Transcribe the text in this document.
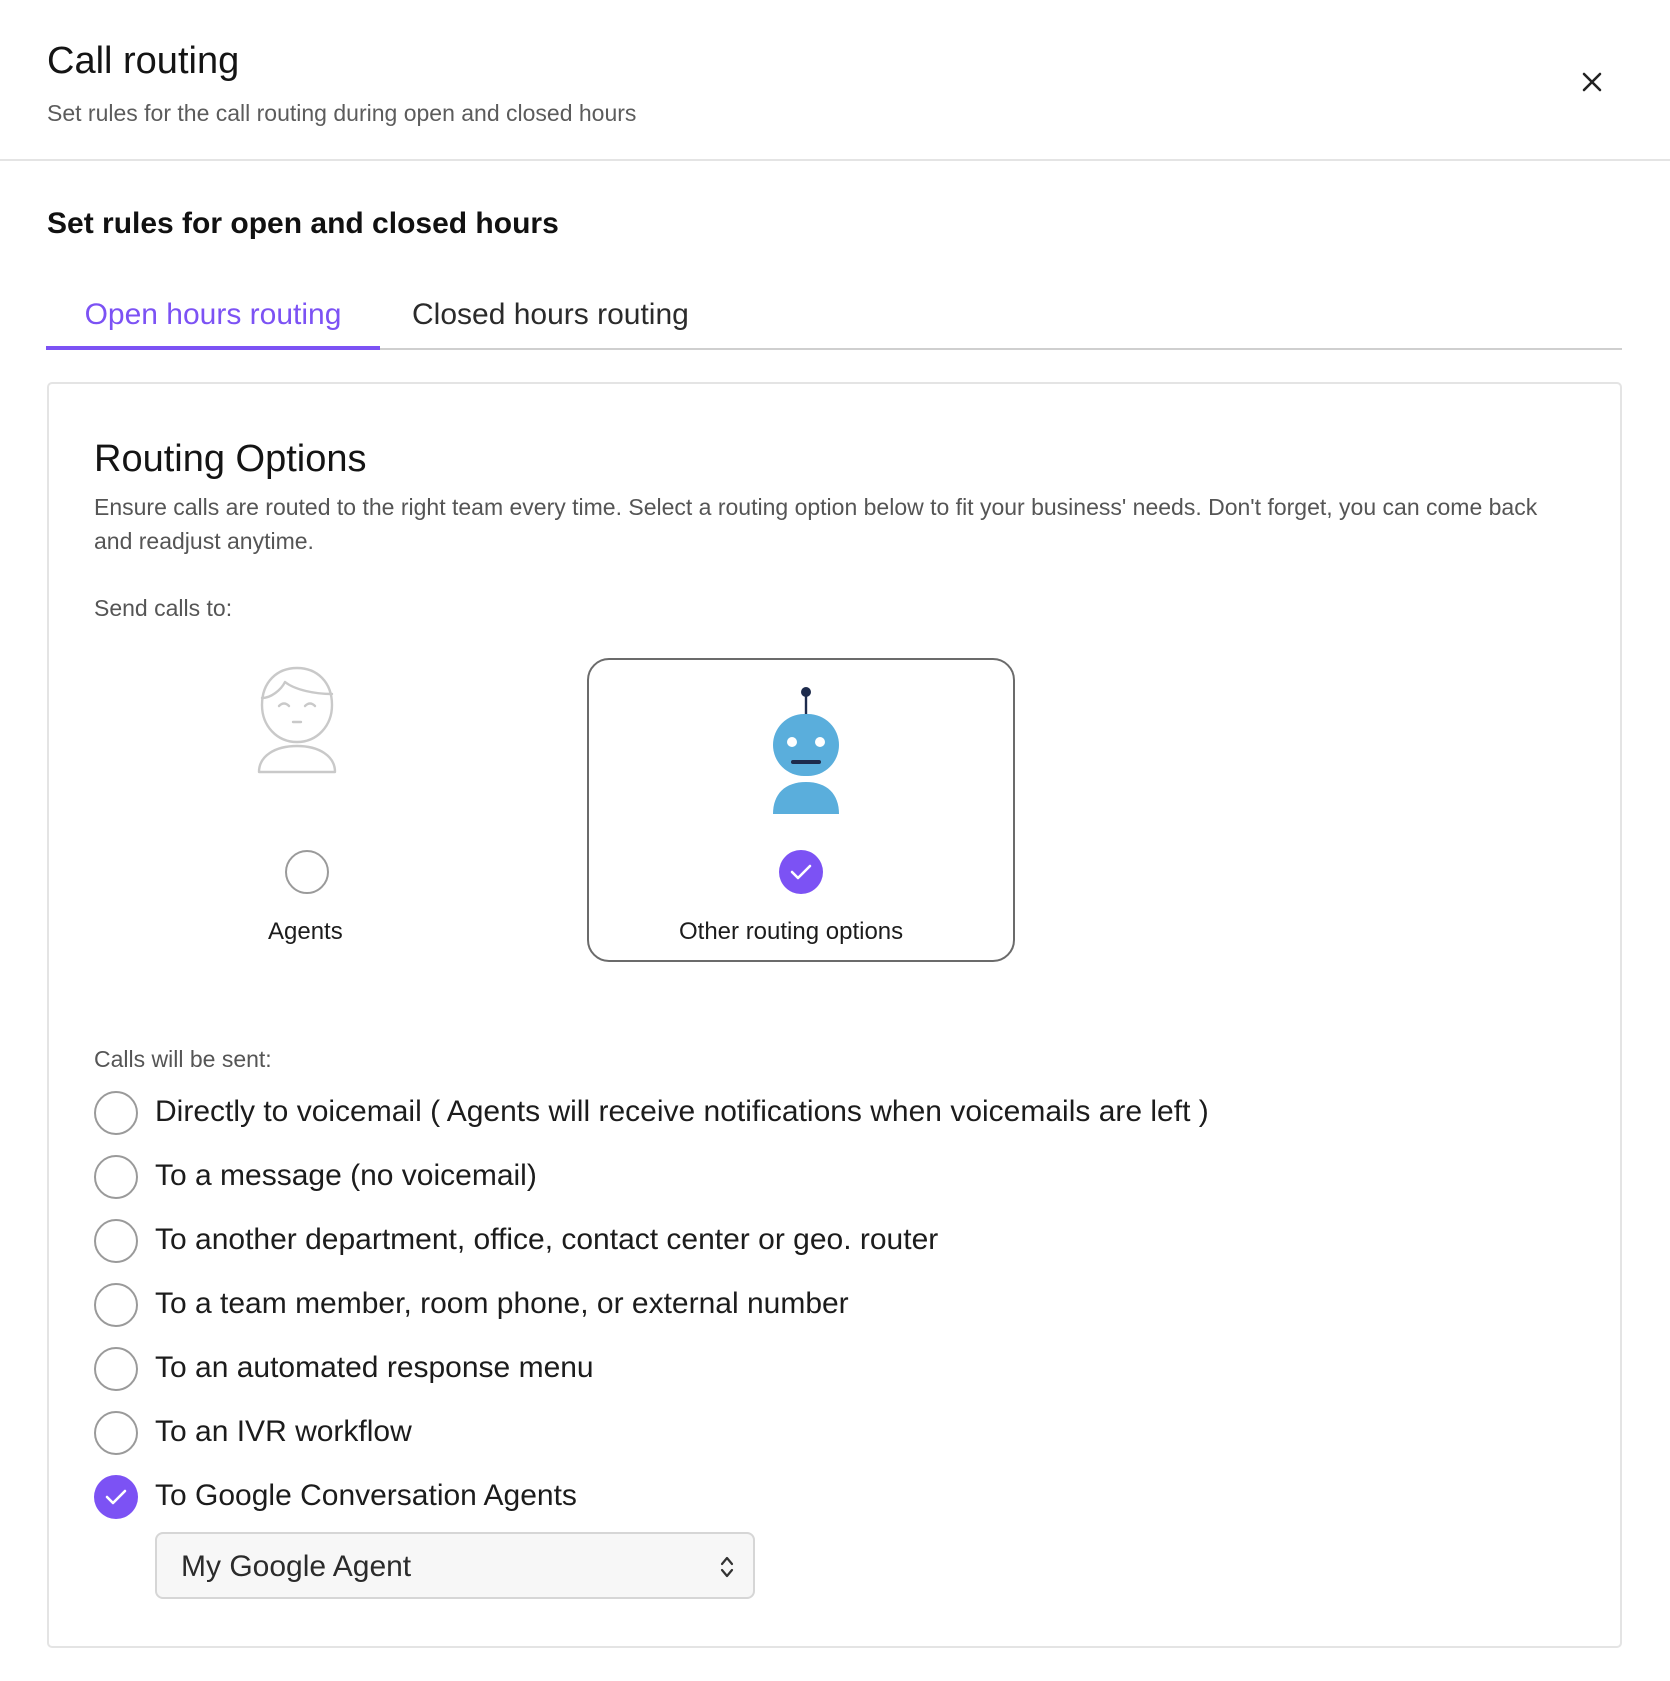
Call routing
Set rules for the call routing during open and closed hours
Set rules for open and closed hours
Open hours routing	Closed hours routing
Routing Options
Ensure calls are routed to the right team every time. Select a routing option below to fit your business' needs. Don't forget, you can come back and readjust anytime.
Send calls to:
Agents	Other routing options
Calls will be sent:
Directly to voicemail ( Agents will receive notifications when voicemails are left )
To a message (no voicemail)
To another department, office, contact center or geo. router
To a team member, room phone, or external number
To an automated response menu
To an IVR workflow
To Google Conversation Agents
My Google Agent
